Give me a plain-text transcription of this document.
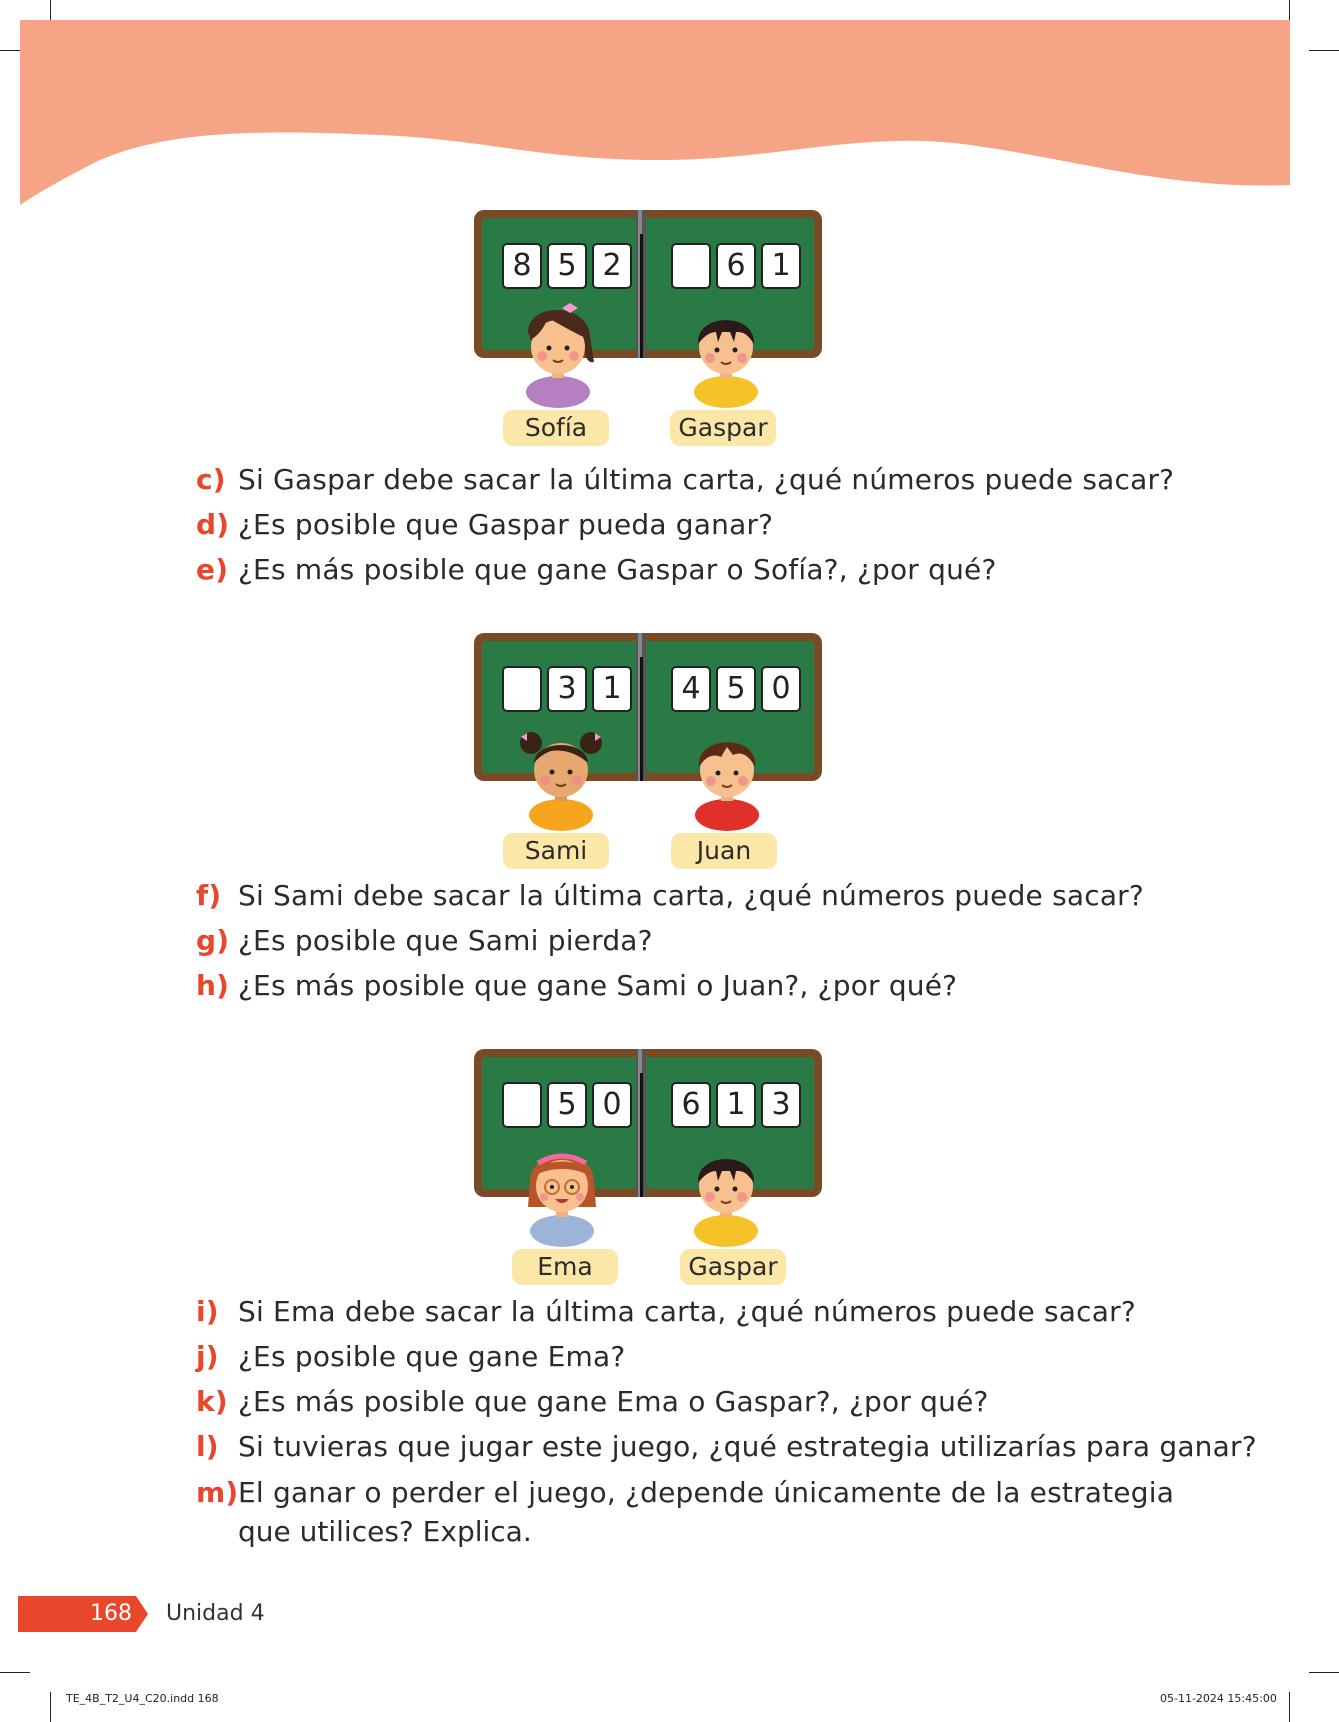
8 5 2	6 1
Sofía	Gaspar
c) Si Gaspar debe sacar la última carta, ¿qué números puede sacar?
d) ¿Es posible que Gaspar pueda ganar?
e) ¿Es más posible que gane Gaspar o Sofía?, ¿por qué?
3 1	4 5 0
Sami	Juan
f) Si Sami debe sacar la última carta, ¿qué números puede sacar?
g) ¿Es posible que Sami pierda?
h) ¿Es más posible que gane Sami o Juan?, ¿por qué?
5 0	6 1 3
Ema	Gaspar
i) Si Ema debe sacar la última carta, ¿qué números puede sacar?
j) ¿Es posible que gane Ema?
k) ¿Es más posible que gane Ema o Gaspar?, ¿por qué?
l) Si tuvieras que jugar este juego, ¿qué estrategia utilizarías para ganar?
m)El ganar o perder el juego, ¿depende únicamente de la estrategia
que utilices? Explica.
168 Unidad 4
TE_4B_T2_U4_C20.indd 168	05-11-2024 15:45:00
